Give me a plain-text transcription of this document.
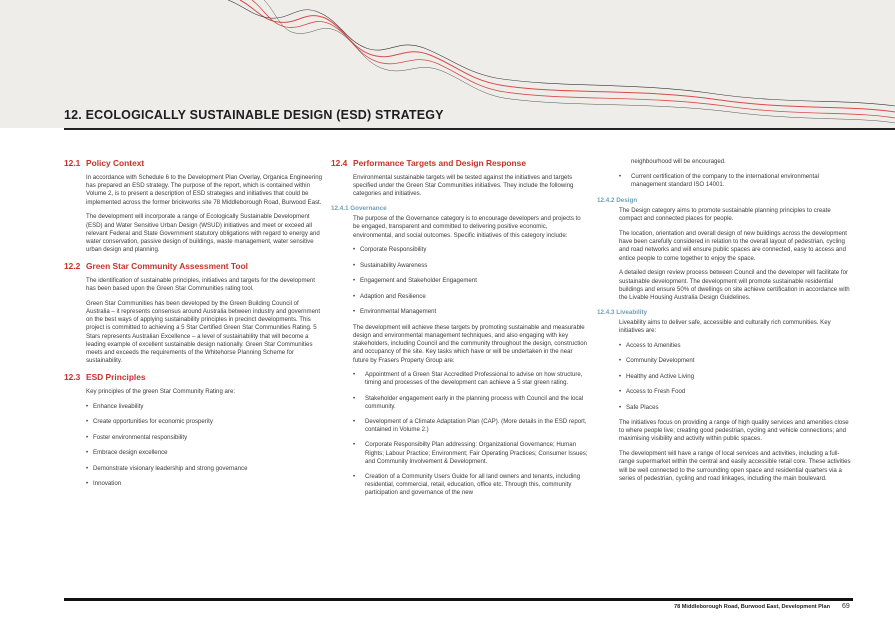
12. ECOLOGICALLY SUSTAINABLE DESIGN (ESD) STRATEGY
12.1 Policy Context

In accordance with Schedule 6 to the Development Plan Overlay, Organica Engineering has prepared an ESD strategy. The purpose of the report, which is contained within Volume 2, is to present a description of ESD strategies and initiatives that could be implemented across the former brickworks site 78 Middleborough Road, Burwood East.

The development will incorporate a range of Ecologically Sustainable Development (ESD) and Water Sensitive Urban Design (WSUD) initiatives and meet or exceed all relevant Federal and State Government statutory obligations with regard to energy and water conservation, passive design of buildings, waste management, water sensitive urban design and planning.

12.2 Green Star Community Assessment Tool

The identification of sustainable principles, initiatives and targets for the development has been based upon the Green Star Communities rating tool.

Green Star Communities has been developed by the Green Building Council of Australia – it represents consensus around Australia between industry and government on the best ways of applying sustainability principles in precinct developments. This project is committed to achieving a 5 Star Certified Green Star Communities Rating. 5 Stars represents Australian Excellence – a level of sustainability that will become a leading example of excellent sustainable design nationally. Green Star Communities meets and exceeds the requirements of the Whitehorse Planning Scheme for sustainability.

12.3 ESD Principles

Key principles of the green Star Community Rating are:

• Enhance liveability
• Create opportunities for economic prosperity
• Foster environmental responsibility
• Embrace design excellence
• Demonstrate visionary leadership and strong governance
• Innovation
12.4 Performance Targets and Design Response

Environmental sustainable targets will be tested against the initiatives and targets specified under the Green Star Communities initiatives. They include the following categories and initiatives.

12.4.1 Governance

The purpose of the Governance category is to encourage developers and projects to be engaged, transparent and committed to delivering positive economic, environmental, and social outcomes. Specific initiatives of this category include:

• Corporate Responsibility
• Sustainability Awareness
• Engagement and Stakeholder Engagement
• Adaption and Resilience
• Environmental Management

The development will achieve these targets by promoting sustainable and measurable design and environmental management techniques, and also engaging with key stakeholders, including Council and the community throughout the design, construction and occupancy of the site. Key tasks which have or will be undertaken in the near future by Frasers Property Group are:

• Appointment of a Green Star Accredited Professional to advise on how structure, timing and processes of the development can achieve a 5 star green rating.
• Stakeholder engagement early in the planning process with Council and the local community.
• Development of a Climate Adaptation Plan (CAP). (More details in the ESD report, contained in Volume 2.)
• Corporate Responsibilty Plan addressing: Organizational Governance; Human Rights; Labour Practice; Environment; Fair Operating Practices; Consumer Issues; and Community Involvement & Development.
• Creation of a Community Users Guide for all land owners and tenants, including residential, commercial, retail, education, office etc. Through this, community participation and governance of the new

neighbourhood will be encouraged.

• Current certification of the company to the international environmental management standard ISO 14001.
12.4.2 Design

The Design category aims to promote sustainable planning principles to create compact and connected places for people.

The location, orientation and overall design of new buildings across the development have been carefully considered in relation to the overall layout of pedestrian, cycling and road networks and will ensure public spaces are connected, easy to access and entice people to come together to enjoy the space.

A detailed design review process between Council and the developer will facilitate for sustainable development. The development will promote sustainable residential buildings and ensure 50% of dwellings on site achieve certification in accordance with the Livable Housing Australia Design Guidelines.

12.4.3 Liveability

Liveability aims to deliver safe, accessible and culturally rich communities. Key initiatives are:

• Access to Amenities
• Community Development
• Healthy and Active Living
• Access to Fresh Food
• Safe Places

The initiatives focus on providing a range of high quality services and amenities close to where people live; creating good pedestrian, cycling and vehicle connections; and maximising visibility and activity within public spaces.

The development will have a range of local services and activities, including a full-range supermarket within the central and easily accessible retail core. These activities will be well connected to the surrounding open space and residential quarters via a series of pedestrian, cycling and road linkages, including the main boulevard.

78 Middleborough Road, Burwood East, Development Plan 69
